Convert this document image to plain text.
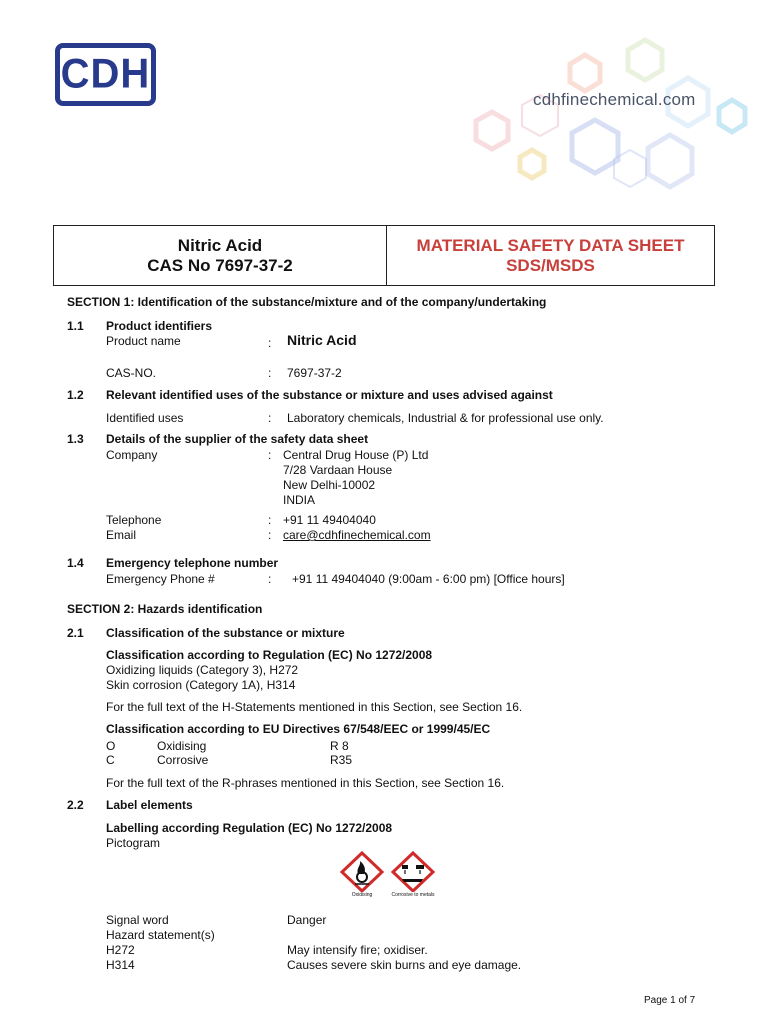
CDH
cdhfinechemical.com
Nitric Acid
CAS No 7697-37-2
MATERIAL SAFETY DATA SHEET
SDS/MSDS
SECTION 1: Identification of the substance/mixture and of the company/undertaking
1.1 Product identifiers
Product name	: Nitric Acid
CAS-NO.	: 7697-37-2
1.2 Relevant identified uses of the substance or mixture and uses advised against
Identified uses	: Laboratory chemicals, Industrial & for professional use only.
1.3 Details of the supplier of the safety data sheet
Company	: Central Drug House (P) Ltd
7/28 Vardaan House
New Delhi-10002
INDIA
Telephone	: +91 11 49404040
Email	: care@cdhfinechemical.com
1.4 Emergency telephone number
Emergency Phone #	: +91 11 49404040 (9:00am - 6:00 pm) [Office hours]
SECTION 2: Hazards identification
2.1 Classification of the substance or mixture
Classification according to Regulation (EC) No 1272/2008
Oxidizing liquids (Category 3), H272
Skin corrosion (Category 1A), H314
For the full text of the H-Statements mentioned in this Section, see Section 16.
Classification according to EU Directives 67/548/EEC or 1999/45/EC
O	Oxidising	R 8
C	Corrosive	R35
For the full text of the R-phrases mentioned in this Section, see Section 16.
2.2 Label elements
Labelling according Regulation (EC) No 1272/2008
Pictogram
Oxidising	Corrosive to metals
Signal word	Danger
Hazard statement(s)
H272	May intensify fire; oxidiser.
H314	Causes severe skin burns and eye damage.
Page 1 of 7
